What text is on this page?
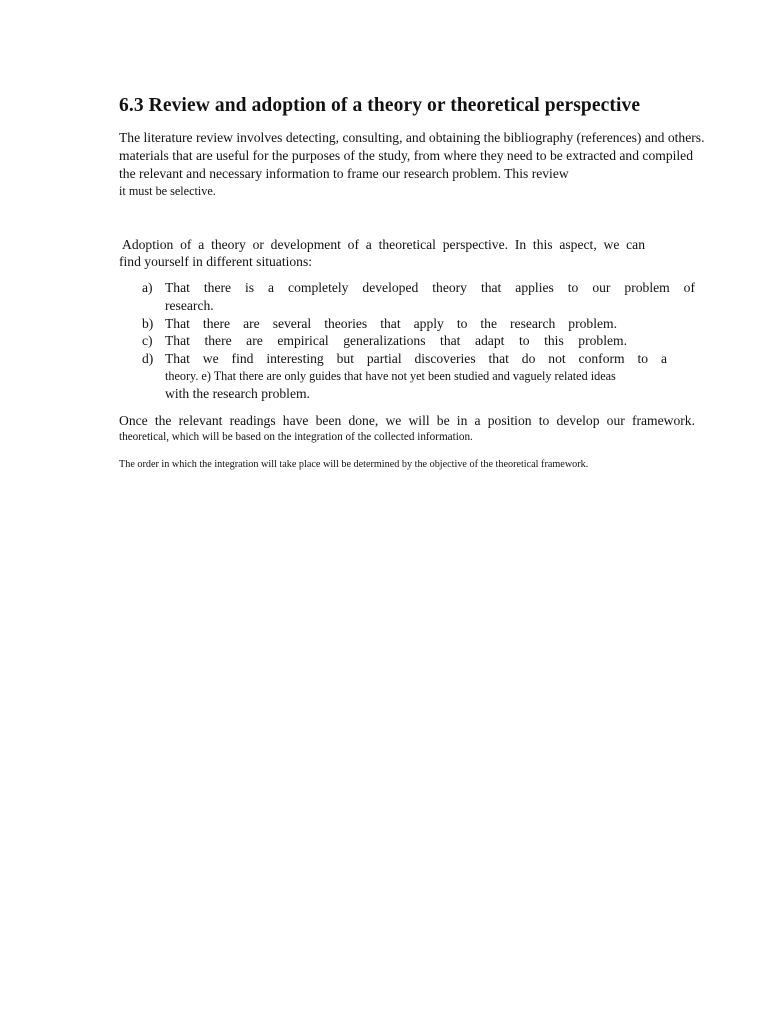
6.3 Review and adoption of a theory or theoretical perspective

The literature review involves detecting, consulting, and obtaining the bibliography (references) and others.

materials that are useful for the purposes of the study, from where they need to be extracted and compiled

the relevant and necessary information to frame our research problem. This review

it must be selective.

Adoption of a theory or development of a theoretical perspective. In this aspect, we can

find yourself in different situations:

a) That there is a completely developed theory that applies to our problem of

research.

b) That there are several theories that apply to the research problem.

c) That there are empirical generalizations that adapt to this problem.

d) That we find interesting but partial discoveries that do not conform to a

theory. e) That there are only guides that have not yet been studied and vaguely related ideas

with the research problem.

Once the relevant readings have been done, we will be in a position to develop our framework.

theoretical, which will be based on the integration of the collected information.

The order in which the integration will take place will be determined by the objective of the theoretical framework.
